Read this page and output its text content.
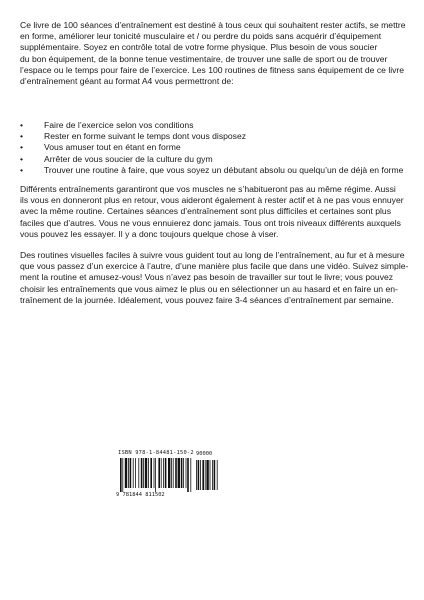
Ce livre de 100 séances d’entraînement est destiné à tous ceux qui souhaitent rester actifs, se mettre
en forme, améliorer leur tonicité musculaire et / ou perdre du poids sans acquérir d’équipement
supplémentaire. Soyez en contrôle total de votre forme physique. Plus besoin de vous soucier
du bon équipement, de la bonne tenue vestimentaire, de trouver une salle de sport ou de trouver
l’espace ou le temps pour faire de l’exercice. Les 100 routines de fitness sans équipement de ce livre
d’entraînement géant au format A4 vous permettront de:
• Faire de l’exercice selon vos conditions
• Rester en forme suivant le temps dont vous disposez
• Vous amuser tout en étant en forme
• Arrêter de vous soucier de la culture du gym
• Trouver une routine à faire, que vous soyez un débutant absolu ou quelqu’un de déjà en forme
Différents entraînements garantiront que vos muscles ne s’habitueront pas au même régime. Aussi
ils vous en donneront plus en retour, vous aideront également à rester actif et à ne pas vous ennuyer
avec la même routine. Certaines séances d’entraînement sont plus difficiles et certaines sont plus
faciles que d’autres. Vous ne vous ennuierez donc jamais. Tous ont trois niveaux différents auxquels
vous pouvez les essayer. Il y a donc toujours quelque chose à viser.
Des routines visuelles faciles à suivre vous guident tout au long de l’entraînement, au fur et à mesure
que vous passez d’un exercice à l’autre, d’une manière plus facile que dans une vidéo. Suivez simple-
ment la routine et amusez-vous! Vous n’avez pas besoin de travailler sur tout le livre; vous pouvez
choisir les entraînements que vous aimez le plus ou en sélectionner un au hasard et en faire un en-
traînement de la journée. Idéalement, vous pouvez faire 3-4 séances d’entraînement par semaine.
ISBN 978-1-84481-150-2
9 781844 811502
90000
